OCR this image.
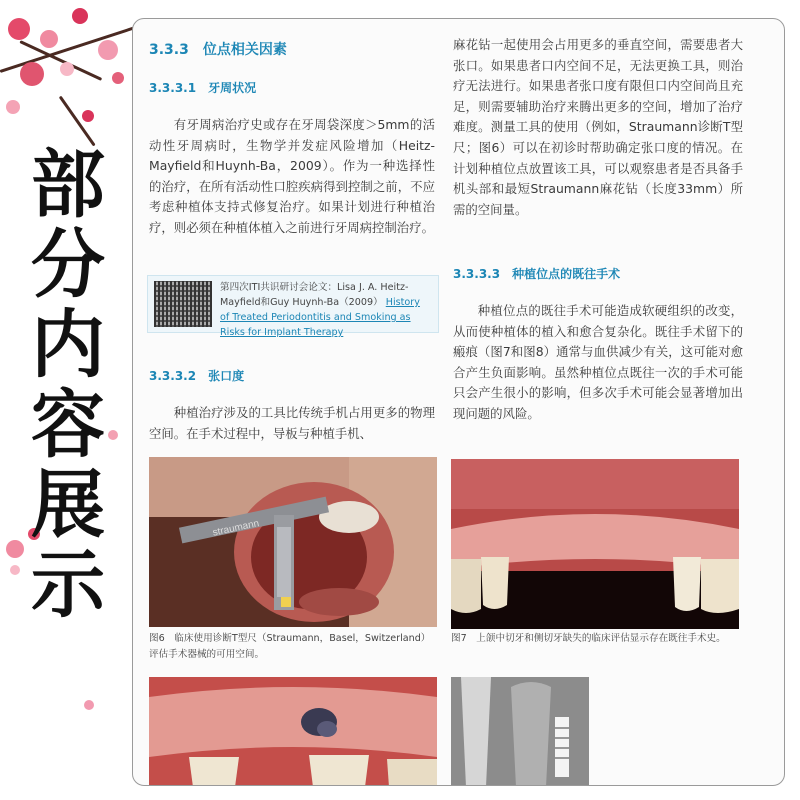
部
分
内
容
展
示
3.3.3　位点相关因素
3.3.3.1　牙周状况

有牙周病治疗史或存在牙周袋深度＞5mm的活动性牙周病时，生物学并发症风险增加（Heitz-Mayfield和Huynh-Ba，2009）。作为一种选择性的治疗，在所有活动性口腔疾病得到控制之前，不应考虑种植体支持式修复治疗。如果计划进行种植治疗，则必须在种植体植入之前进行牙周病控制治疗。

第四次ITI共识研讨会论文：Lisa J. A. Heitz-Mayfield和Guy Huynh-Ba（2009） History of Treated Periodontitis and Smoking as Risks for Implant Therapy
3.3.3.2　张口度

种植治疗涉及的工具比传统手机占用更多的物理空间。在手术过程中，导板与种植手机、

麻花钻一起使用会占用更多的垂直空间，需要患者大张口。如果患者口内空间不足，无法更换工具，则治疗无法进行。如果患者张口度有限但口内空间尚且充足，则需要辅助治疗来腾出更多的空间，增加了治疗难度。测量工具的使用（例如，Straumann诊断T型尺；图6）可以在初诊时帮助确定张口度的情况。在计划种植位点放置该工具，可以观察患者是否具备手机头部和最短Straumann麻花钻（长度33mm）所需的空间量。

3.3.3.3　种植位点的既往手术

种植位点的既往手术可能造成软硬组织的改变，从而使种植体的植入和愈合复杂化。既往手术留下的瘢痕（图7和图8）通常与血供减少有关，这可能对愈合产生负面影响。虽然种植位点既往一次的手术可能只会产生很小的影响，但多次手术可能会显著增加出现问题的风险。

straumann
图6　临床使用诊断T型尺（Straumann，Basel，Switzerland）评估手术器械的可用空间。
图7　上颌中切牙和侧切牙缺失的临床评估显示存在既往手术史。
